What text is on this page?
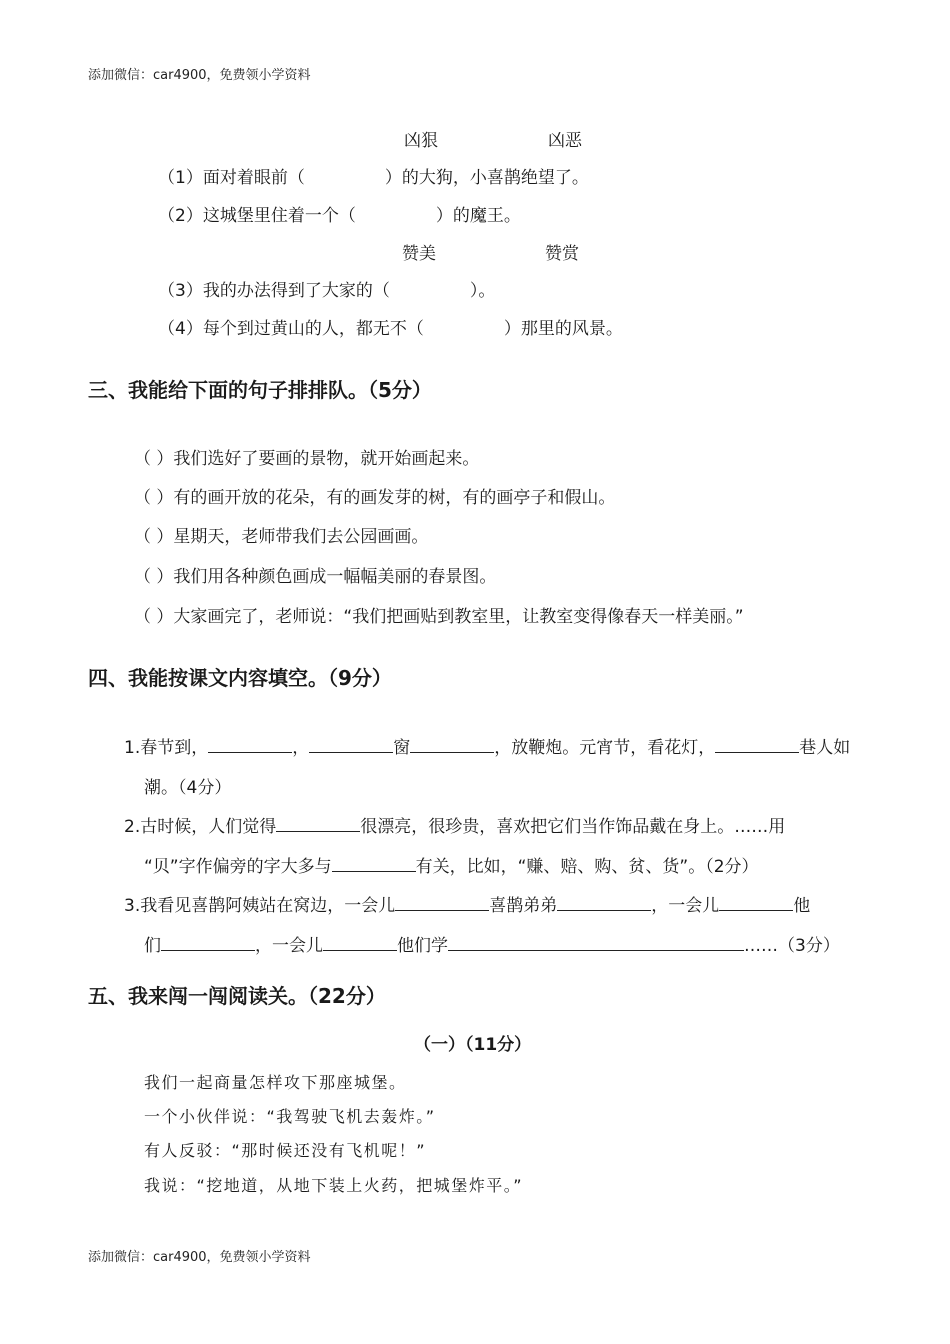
添加微信：car4900，免费领小学资料
凶狠	凶恶
（1）面对着眼前（	）的大狗，小喜鹊绝望了。
（2）这城堡里住着一个（	）的魔王。
赞美	赞赏
（3）我的办法得到了大家的（	）。
（4）每个到过黄山的人，都无不（	）那里的风景。
三、我能给下面的句子排排队。（5分）
（ ）我们选好了要画的景物，就开始画起来。
（ ）有的画开放的花朵，有的画发芽的树，有的画亭子和假山。
（ ）星期天，老师带我们去公园画画。
（ ）我们用各种颜色画成一幅幅美丽的春景图。
（ ）大家画完了，老师说：“我们把画贴到教室里，让教室变得像春天一样美丽。”
四、我能按课文内容填空。（9分）
1.春节到，	，	窗	，放鞭炮。元宵节，看花灯，	巷人如
潮。（4分）
2.古时候，人们觉得	很漂亮，很珍贵，喜欢把它们当作饰品戴在身上。……用
“贝”字作偏旁的字大多与	有关，比如，“赚、赔、购、贫、货”。（2分）
3.我看见喜鹊阿姨站在窝边，一会儿	喜鹊弟弟	，一会儿	他
们	，一会儿	他们学	……（3分）
五、我来闯一闯阅读关。（22分）
（一）（11分）
我们一起商量怎样攻下那座城堡。
一个小伙伴说：“我驾驶飞机去轰炸。”
有人反驳：“那时候还没有飞机呢！”
我说：“挖地道，从地下装上火药，把城堡炸平。”
添加微信：car4900，免费领小学资料
